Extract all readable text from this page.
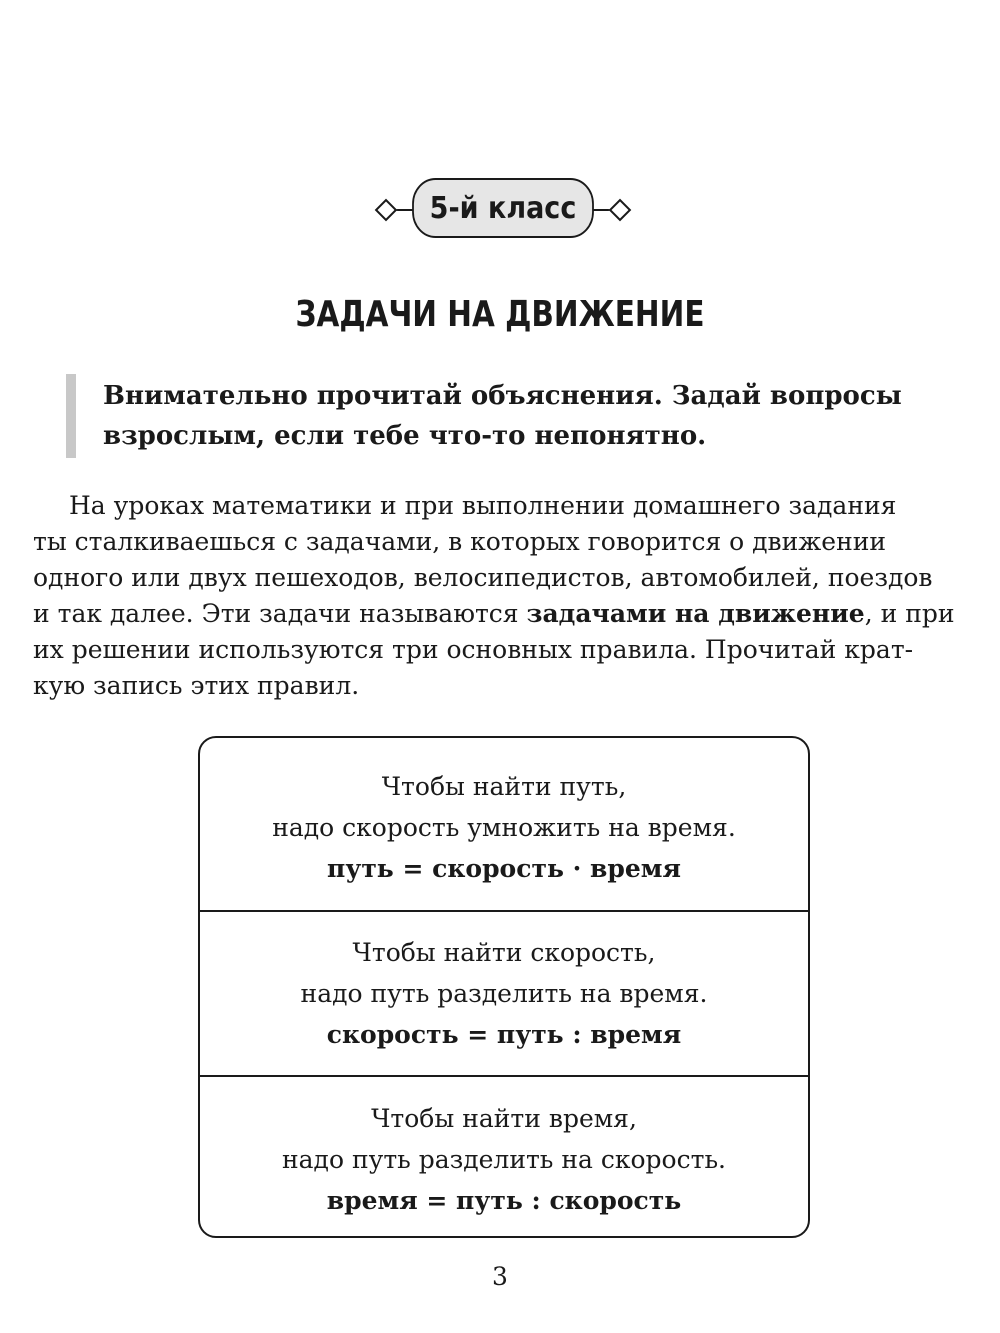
5-й класс
ЗАДАЧИ НА ДВИЖЕНИЕ

Внимательно прочитай объяснения. Задай вопросы
взрослым, если тебе что-то непонятно.

На уроках математики и при выполнении домашнего задания
ты сталкиваешься с задачами, в которых говорится о движении
одного или двух пешеходов, велосипедистов, автомобилей, поездов
и так далее. Эти задачи называются задачами на движение, и при
их решении используются три основных правила. Прочитай крат-
кую запись этих правил.

Чтобы найти путь,
надо скорость умножить на время.
путь = скорость · время
Чтобы найти скорость,
надо путь разделить на время.
скорость = путь : время
Чтобы найти время,
надо путь разделить на скорость.
время = путь : скорость
3
